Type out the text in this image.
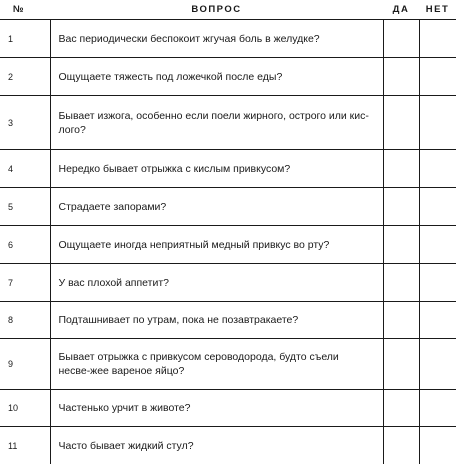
№	ВОПРОС	ДА	НЕТ
1	Вас периодически беспокоит жгучая боль в желудке?		
2	Ощущаете тяжесть под ложечкой после еды?		
3	Бывает изжога, особенно если поели жирного, острого или кис-лого?		
4	Нередко бывает отрыжка с кислым привкусом?		
5	Страдаете запорами?		
6	Ощущаете иногда неприятный медный привкус во рту?		
7	У вас плохой аппетит?		
8	Подташнивает по утрам, пока не позавтракаете?		
9	Бывает отрыжка с привкусом сероводорода, будто съели несве-жее вареное яйцо?		
10	Частенько урчит в животе?		
11	Часто бывает жидкий стул?		
